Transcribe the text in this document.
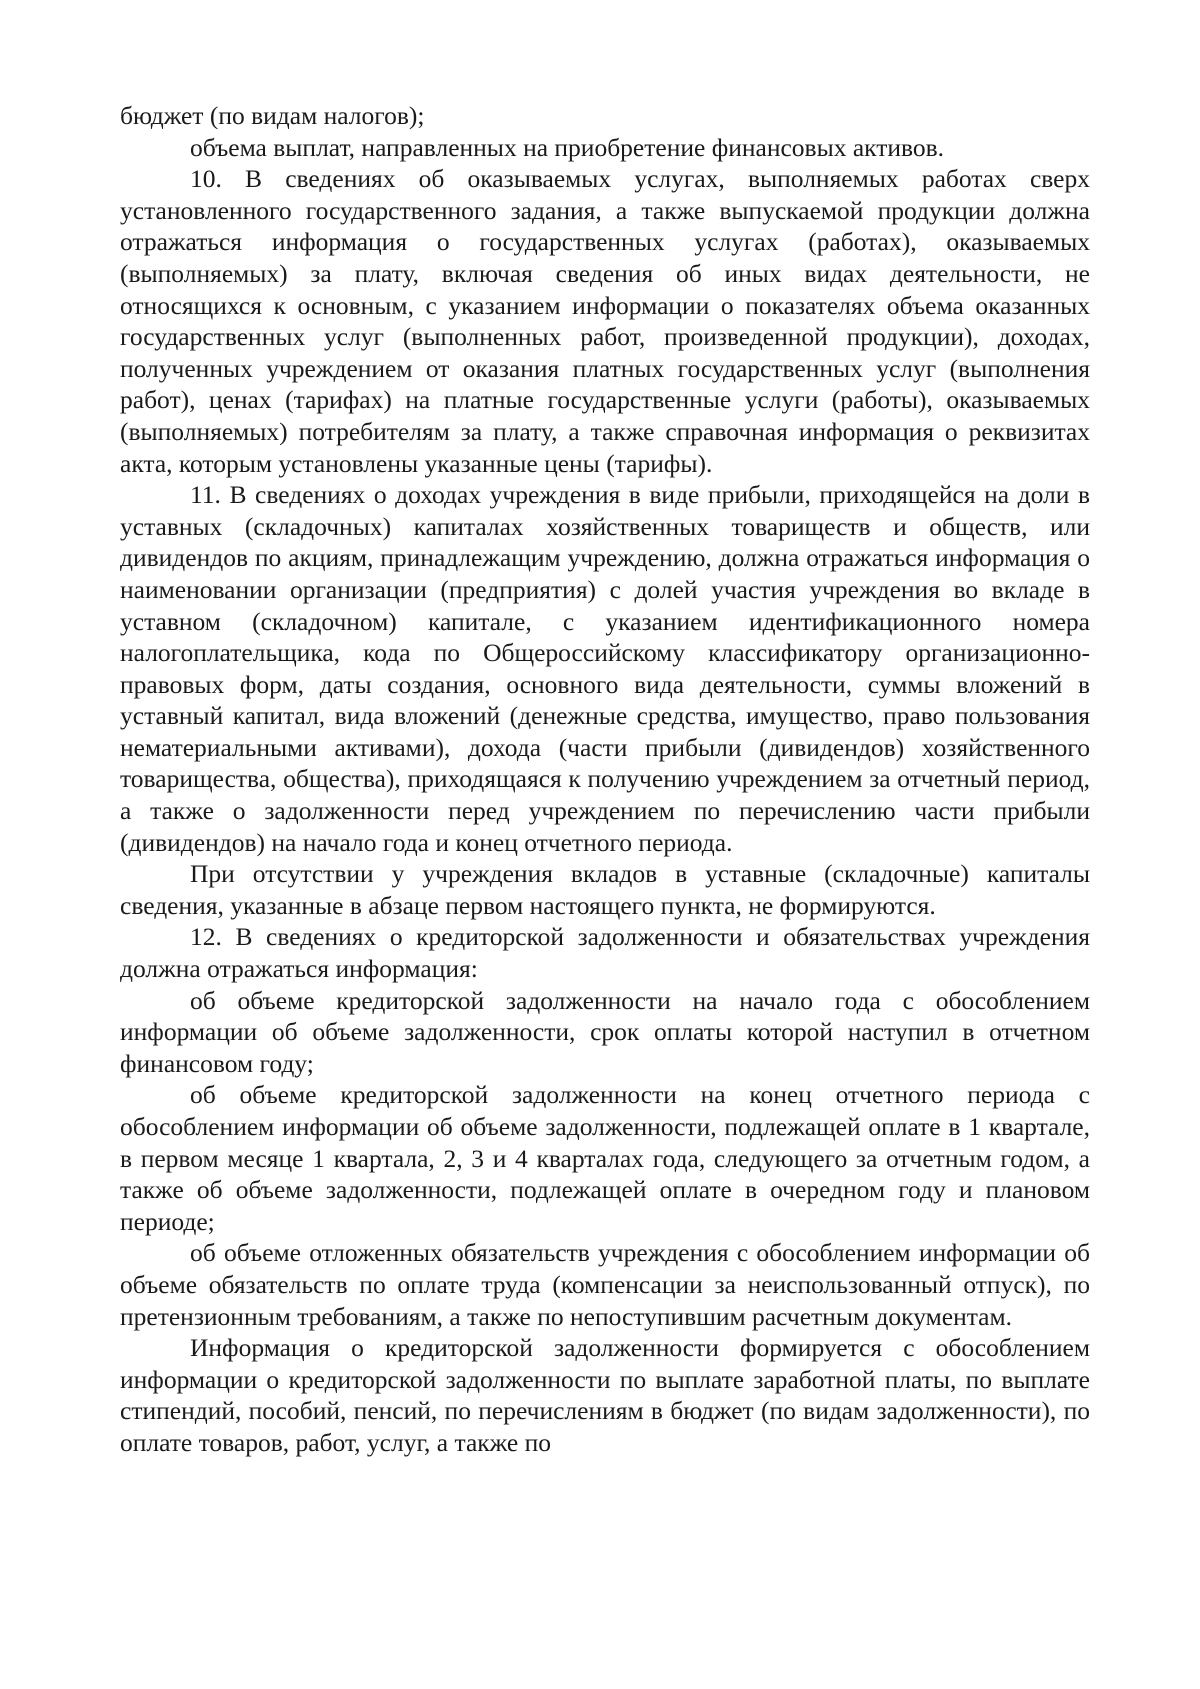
бюджет (по видам налогов);

объема выплат, направленных на приобретение финансовых активов.

10. В сведениях об оказываемых услугах, выполняемых работах сверх установленного государственного задания, а также выпускаемой продукции должна отражаться информация о государственных услугах (работах), оказываемых (выполняемых) за плату, включая сведения об иных видах деятельности, не относящихся к основным, с указанием информации о показателях объема оказанных государственных услуг (выполненных работ, произведенной продукции), доходах, полученных учреждением от оказания платных государственных услуг (выполнения работ), ценах (тарифах) на платные государственные услуги (работы), оказываемых (выполняемых) потребителям за плату, а также справочная информация о реквизитах акта, которым установлены указанные цены (тарифы).

11. В сведениях о доходах учреждения в виде прибыли, приходящейся на доли в уставных (складочных) капиталах хозяйственных товариществ и обществ, или дивидендов по акциям, принадлежащим учреждению, должна отражаться информация о наименовании организации (предприятия) с долей участия учреждения во вкладе в уставном (складочном) капитале, с указанием идентификационного номера налогоплательщика, кода по Общероссийскому классификатору организационно-правовых форм, даты создания, основного вида деятельности, суммы вложений в уставный капитал, вида вложений (денежные средства, имущество, право пользования нематериальными активами), дохода (части прибыли (дивидендов) хозяйственного товарищества, общества), приходящаяся к получению учреждением за отчетный период, а также о задолженности перед учреждением по перечислению части прибыли (дивидендов) на начало года и конец отчетного периода.

При отсутствии у учреждения вкладов в уставные (складочные) капиталы сведения, указанные в абзаце первом настоящего пункта, не формируются.

12. В сведениях о кредиторской задолженности и обязательствах учреждения должна отражаться информация:

об объеме кредиторской задолженности на начало года с обособлением информации об объеме задолженности, срок оплаты которой наступил в отчетном финансовом году;

об объеме кредиторской задолженности на конец отчетного периода с обособлением информации об объеме задолженности, подлежащей оплате в 1 квартале, в первом месяце 1 квартала, 2, 3 и 4 кварталах года, следующего за отчетным годом, а также об объеме задолженности, подлежащей оплате в очередном году и плановом периоде;

об объеме отложенных обязательств учреждения с обособлением информации об объеме обязательств по оплате труда (компенсации за неиспользованный отпуск), по претензионным требованиям, а также по непоступившим расчетным документам.

Информация о кредиторской задолженности формируется с обособлением информации о кредиторской задолженности по выплате заработной платы, по выплате стипендий, пособий, пенсий, по перечислениям в бюджет (по видам задолженности), по оплате товаров, работ, услуг, а также по
